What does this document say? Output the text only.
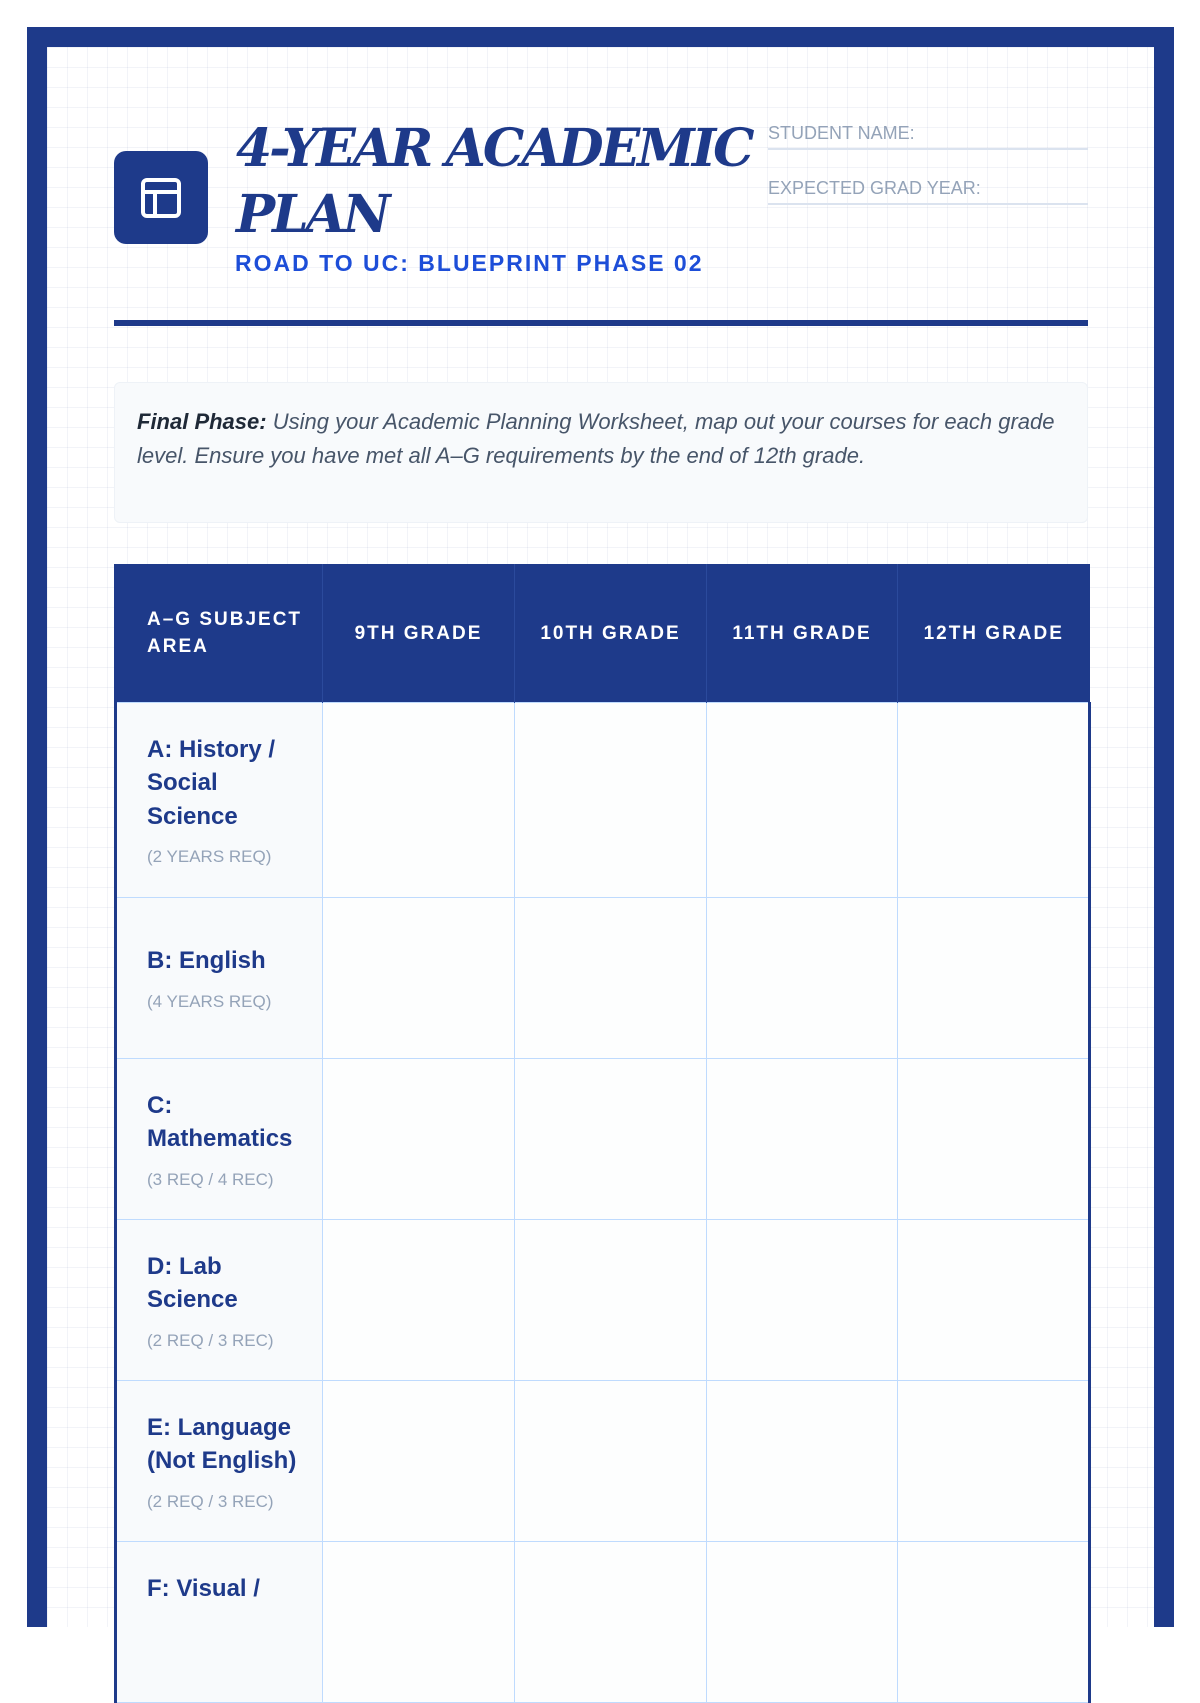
4-YEAR ACADEMIC PLAN
ROAD TO UC: BLUEPRINT PHASE 02
STUDENT NAME:
EXPECTED GRAD YEAR:
Final Phase: Using your Academic Planning Worksheet, map out your courses for each grade level. Ensure you have met all A–G requirements by the end of 12th grade.
A–G SUBJECT AREA	9TH GRADE	10TH GRADE	11TH GRADE	12TH GRADE

A: History / Social Science
(2 YEARS REQ)				

B: English
(4 YEARS REQ)				

C: Mathematics
(3 REQ / 4 REC)				

D: Lab Science
(2 REQ / 3 REC)				

E: Language (Not English)
(2 REQ / 3 REC)				

F: Visual /				
